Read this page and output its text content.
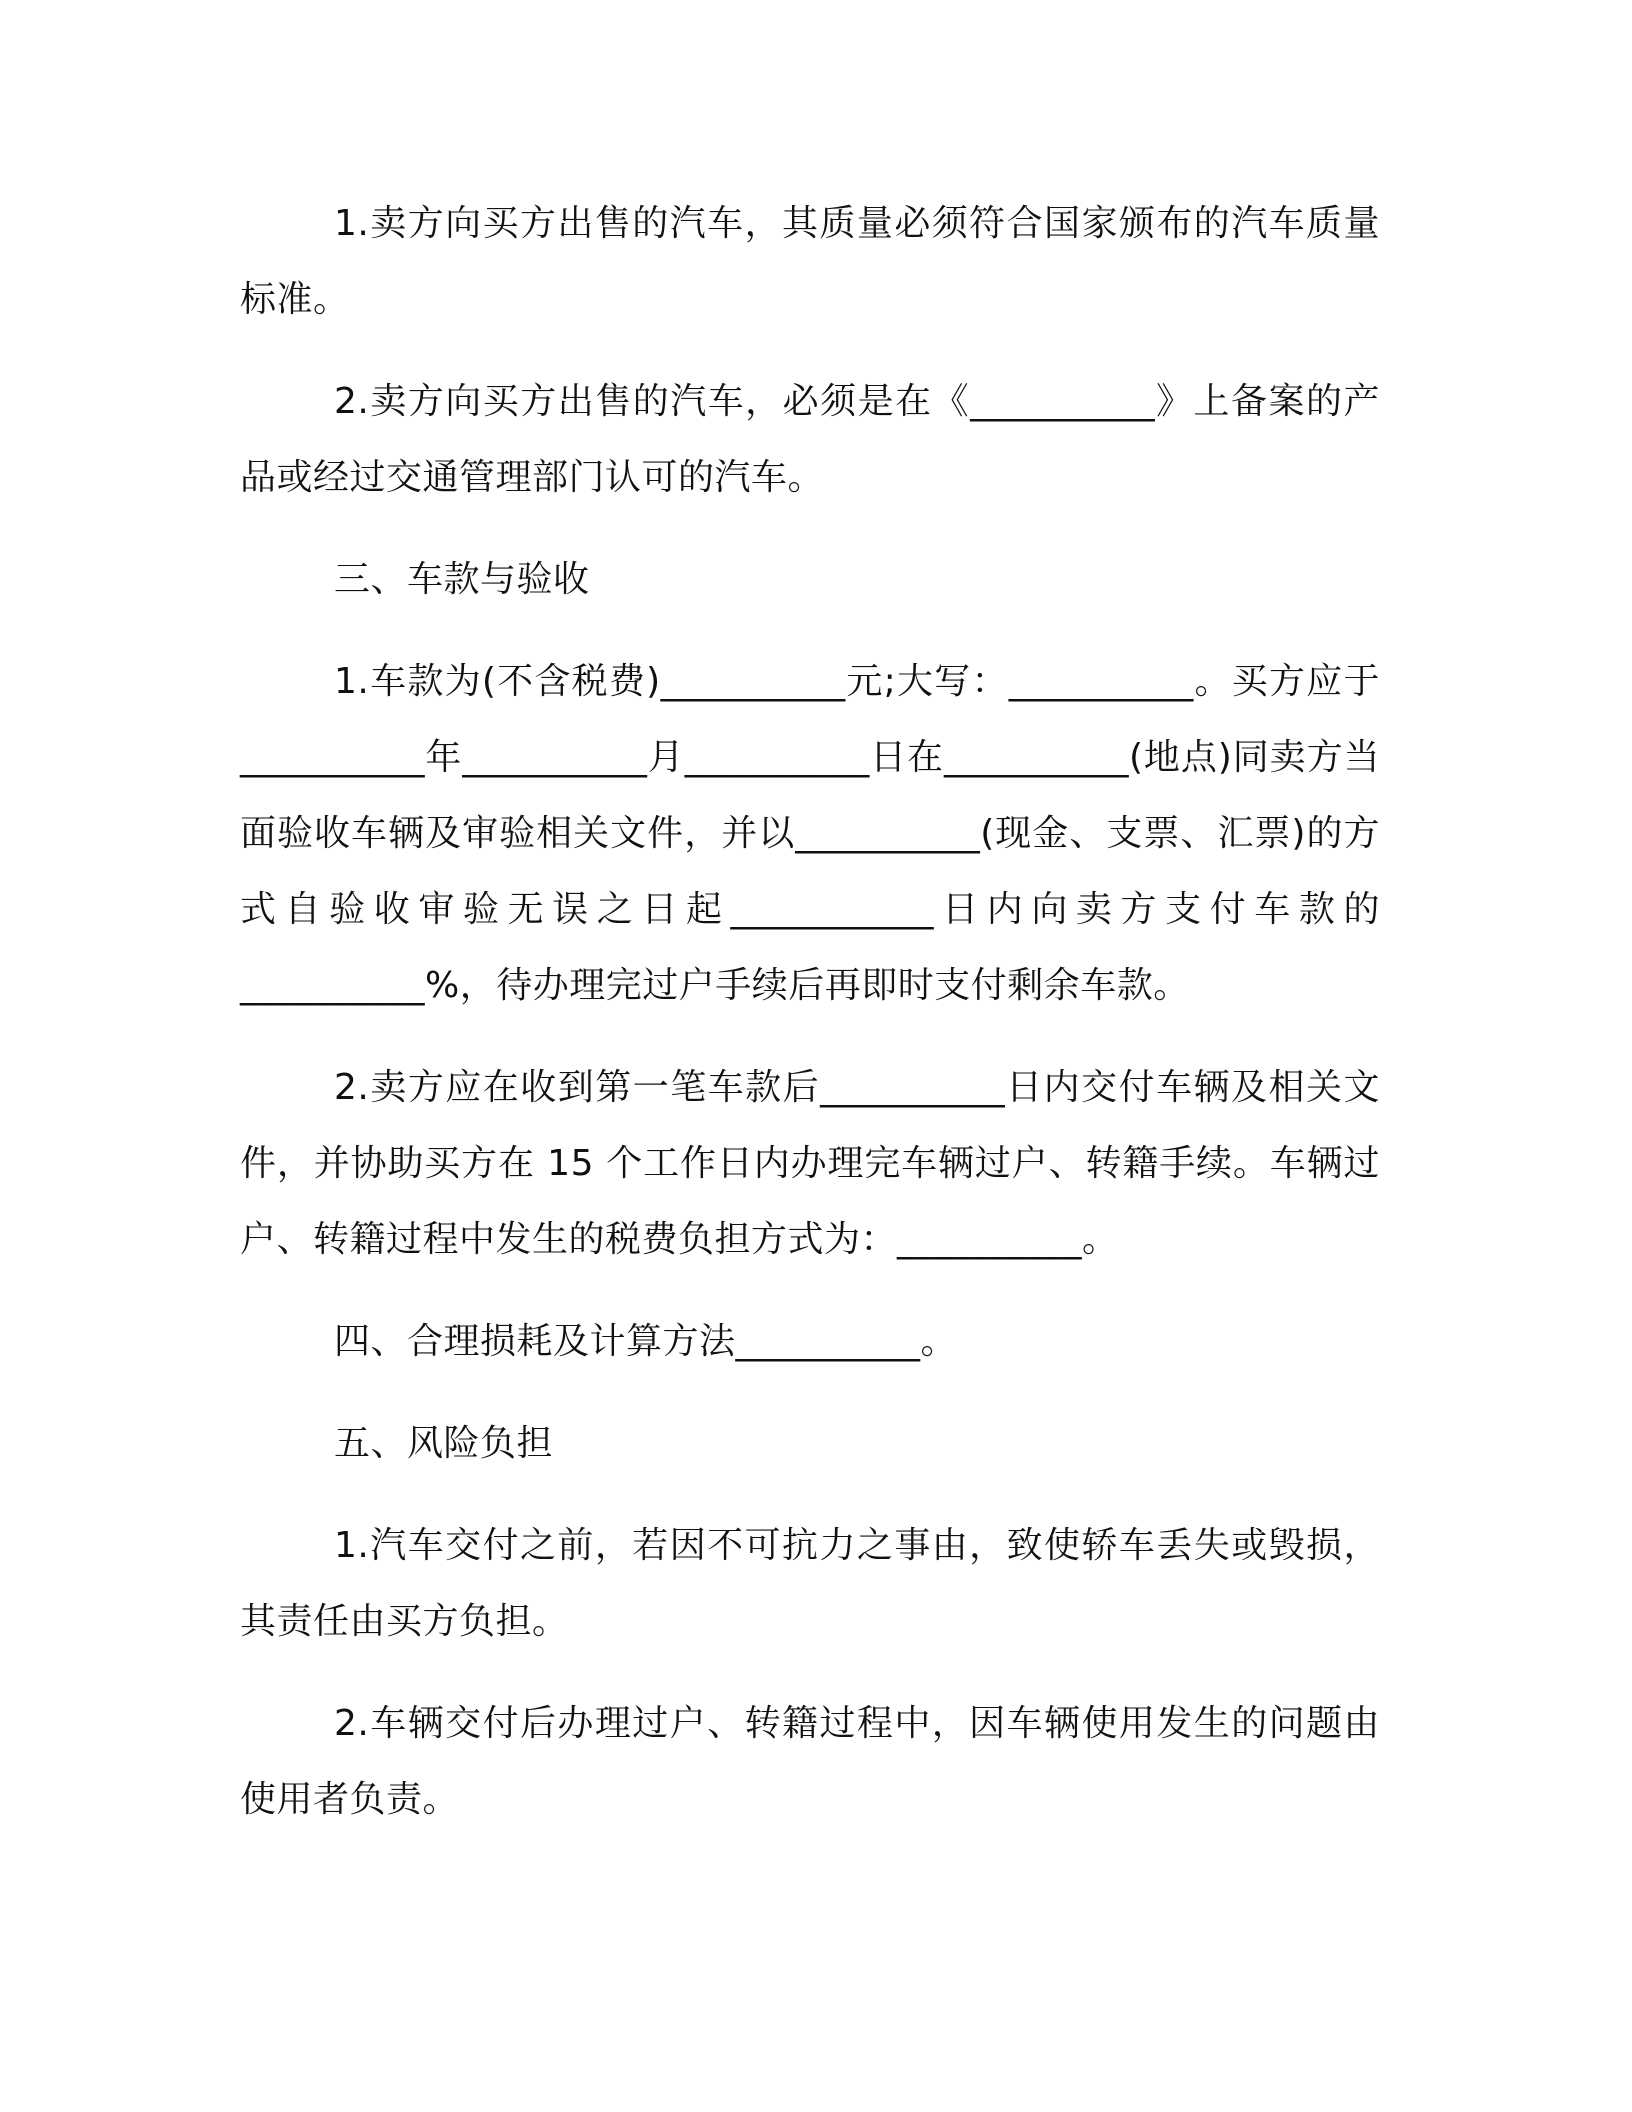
1.卖方向买方出售的汽车，其质量必须符合国家颁布的汽车质量标准。

2.卖方向买方出售的汽车，必须是在《__________》上备案的产品或经过交通管理部门认可的汽车。

三、车款与验收

1.车款为(不含税费)__________元;大写：__________。买方应于__________年__________月__________日在__________(地点)同卖方当面验收车辆及审验相关文件，并以__________(现金、支票、汇票)的方式自验收审验无误之日起___________日内向卖方支付车款的__________%，待办理完过户手续后再即时支付剩余车款。

2.卖方应在收到第一笔车款后__________日内交付车辆及相关文件，并协助买方在 15 个工作日内办理完车辆过户、转籍手续。车辆过户、转籍过程中发生的税费负担方式为：__________。

四、合理损耗及计算方法__________。

五、风险负担

1.汽车交付之前，若因不可抗力之事由，致使轿车丢失或毁损，其责任由买方负担。

2.车辆交付后办理过户、转籍过程中，因车辆使用发生的问题由使用者负责。
